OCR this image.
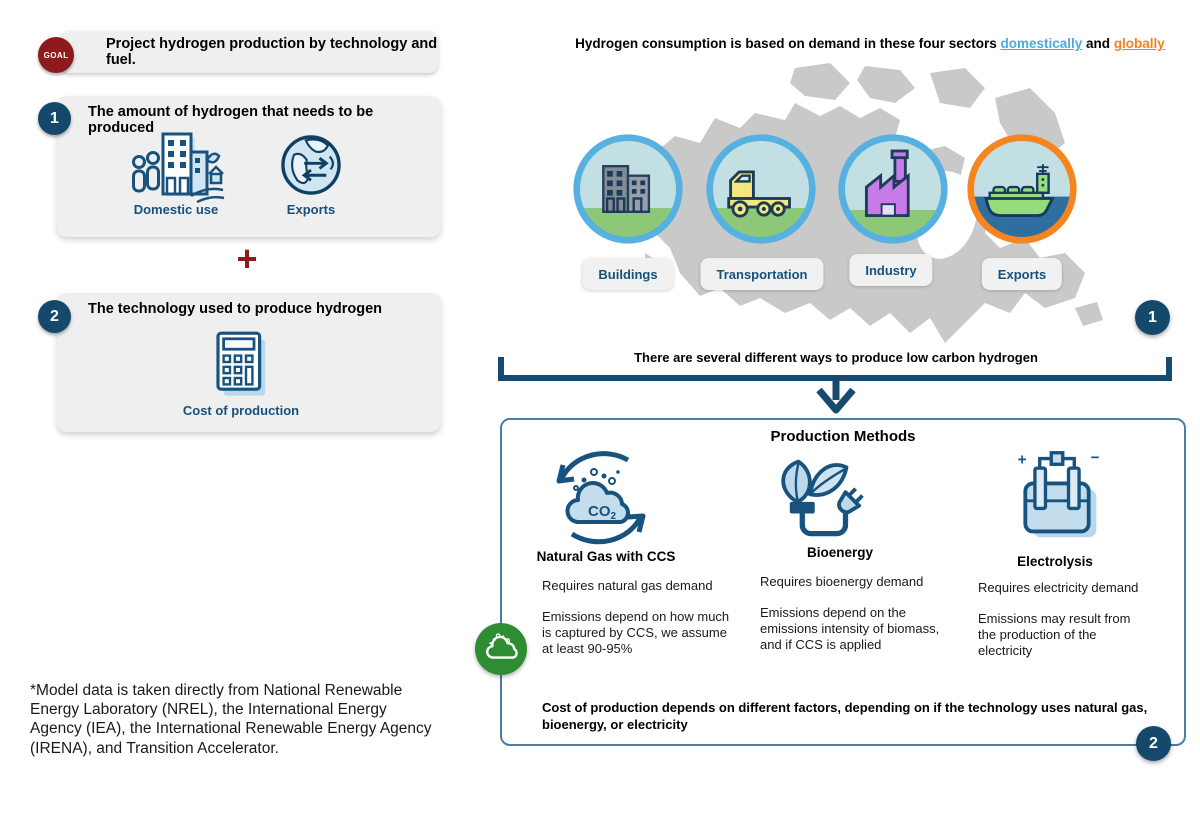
Project hydrogen production by technology and fuel.
GOAL
1 The amount of hydrogen that needs to be produced
Domestic use	Exports
+
2 The technology used to produce hydrogen
Cost of production
*Model data is taken directly from National Renewable Energy Laboratory (NREL), the International Energy Agency (IEA), the International Renewable Energy Agency (IRENA), and Transition Accelerator.
Hydrogen consumption is based on demand in these four sectors domestically and globally
Buildings	Transportation	Industry	Exports
1
There are several different ways to produce low carbon hydrogen
Production Methods
$CO_2$
+	−
Natural Gas with CCS	Bioenergy
Electrolysis

Requires natural gas demand

Emissions depend on how much is captured by CCS, we assume at least 90-95%

Requires bioenergy demand

Emissions depend on the emissions intensity of biomass, and if CCS is applied

Requires electricity demand

Emissions may result from the production of the electricity

Cost of production depends on different factors, depending on if the technology uses natural gas, bioenergy, or electricity
2
